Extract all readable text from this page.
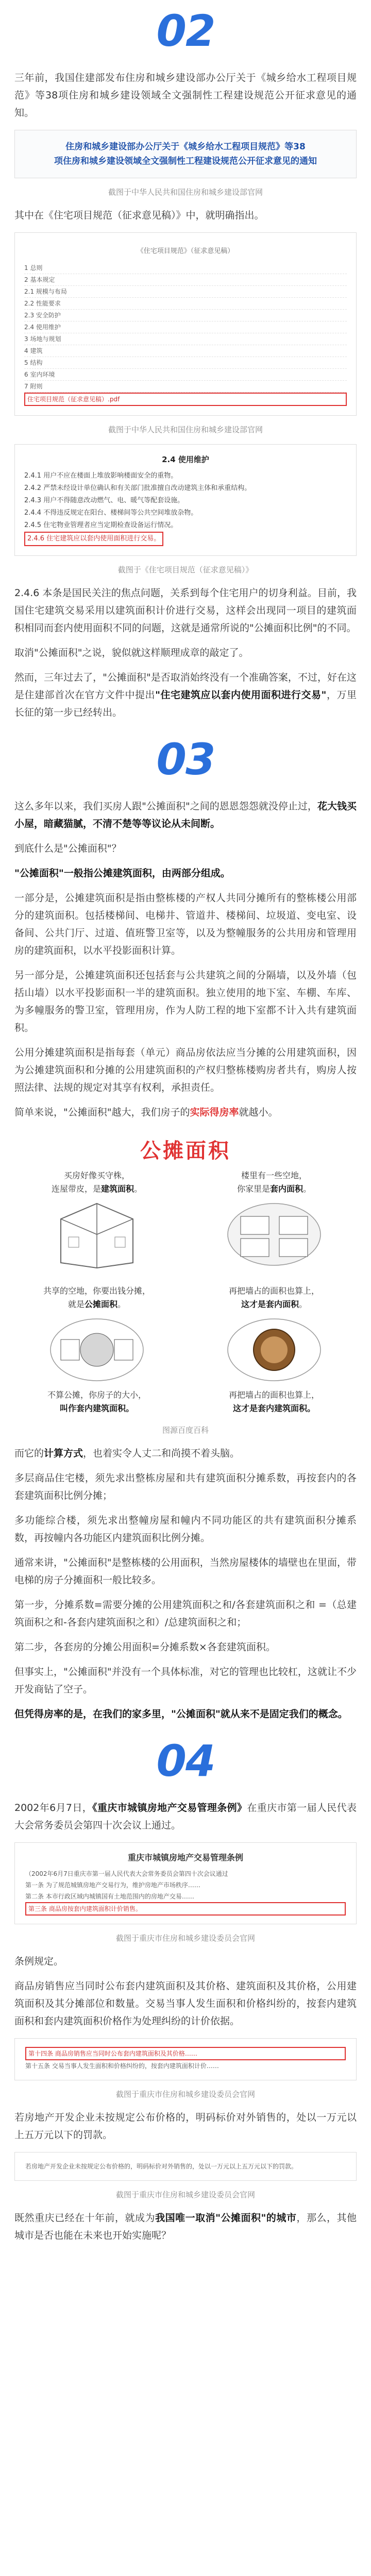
02

三年前，我国住建部发布住房和城乡建设部办公厅关于《城乡给水工程项目规范》等38项住房和城乡建设领域全文强制性工程建设规范公开征求意见的通知。

住房和城乡建设部办公厅关于《城乡给水工程项目规范》等38
项住房和城乡建设领域全文强制性工程建设规范公开征求意见的通知
截图于中华人民共和国住房和城乡建设部官网

其中在《住宅项目规范（征求意见稿）》中，就明确指出。

《住宅项目规范》（征求意见稿）
1 总则
2 基本规定
2.1 规模与布局
2.2 性能要求
2.3 安全防护
2.4 使用维护
3 场地与规划
4 建筑
5 结构
6 室内环境
7 附则
住宅项目规范（征求意见稿）.pdf
截图于中华人民共和国住房和城乡建设部官网
2.4 使用维护
2.4.1 用户不应在楼面上堆放影响楼面安全的重物。
2.4.2 严禁未经设计单位确认和有关部门批准擅自改动建筑主体和承重结构。
2.4.3 用户不得随意改动燃气、电、暖气等配套设施。
2.4.4 不得违反规定在阳台、楼梯间等公共空间堆放杂物。
2.4.5 住宅物业管理者应当定期检查设备运行情况。
2.4.6 住宅建筑应以套内使用面积进行交易。
截图于《住宅项目规范（征求意见稿）》

2.4.6 本条是国民关注的焦点问题，关系到每个住宅用户的切身利益。目前，我国住宅建筑交易采用以建筑面积计价进行交易，这样会出现同一项目的建筑面积相同而套内使用面积不同的问题，这就是通常所说的"公摊面积比例"的不同。

取消"公摊面积"之说，貌似就这样顺理成章的敲定了。

然而，三年过去了，"公摊面积"是否取消始终没有一个准确答案，不过，好在这是住建部首次在官方文件中提出"住宅建筑应以套内使用面积进行交易"，万里长征的第一步已经转出。

03

这么多年以来，我们买房人跟"公摊面积"之间的恩恩怨怨就没停止过，花大钱买小屋，暗藏猫腻，不清不楚等等议论从未间断。

到底什么是"公摊面积"？

"公摊面积"一般指公摊建筑面积，由两部分组成。

一部分是，公摊建筑面积是指由整栋楼的产权人共同分摊所有的整栋楼公用部分的建筑面积。包括楼梯间、电梯井、管道井、楼梯间、垃圾道、变电室、设备间、公共门厅、过道、值班警卫室等，以及为整幢服务的公共用房和管理用房的建筑面积，以水平投影面积计算。

另一部分是，公摊建筑面积还包括套与公共建筑之间的分隔墙，以及外墙（包括山墙）以水平投影面积一半的建筑面积。独立使用的地下室、车棚、车库、为多幢服务的警卫室，管理用房，作为人防工程的地下室都不计入共有建筑面积。

公用分摊建筑面积是指每套（单元）商品房依法应当分摊的公用建筑面积，因为公摊建筑面积和分摊的公用建筑面积的产权归整栋楼购房者共有，购房人按照法律、法规的规定对其享有权利，承担责任。

简单来说，"公摊面积"越大，我们房子的实际得房率就越小。

公摊面积
买房好像买守株，
连屋带皮，是建筑面积。
楼里有一些空地，
你家里是套内面积。
共享的空地，你要出钱分摊，
就是公摊面积。
不算公摊，你房子的大小，
叫作套内建筑面积。
再把墙占的面积也算上，
这才是套内面积。
再把墙占的面积也算上，
这才是套内建筑面积。
图源百度百科

而它的计算方式，也着实令人丈二和尚摸不着头脑。

多层商品住宅楼，须先求出整栋房屋和共有建筑面积分摊系数，再按套内的各套建筑面积比例分摊；

多功能综合楼，须先求出整幢房屋和幢内不同功能区的共有建筑面积分摊系数，再按幢内各功能区内建筑面积比例分摊。

通常来讲，"公摊面积"是整栋楼的公用面积，当然房屋楼体的墙壁也在里面，带电梯的房子分摊面积一般比较多。

第一步，分摊系数=需要分摊的公用建筑面积之和/各套建筑面积之和 =（总建筑面积之和-各套内建筑面积之和）/总建筑面积之和；

第二步，各套房的分摊公用面积=分摊系数×各套建筑面积。

但事实上，"公摊面积"并没有一个具体标准，对它的管理也比较杠，这就让不少开发商钻了空子。

但凭得房率的是，在我们的家多里，"公摊面积"就从来不是固定我们的概念。

04

2002年6月7日，《重庆市城镇房地产交易管理条例》在重庆市第一届人民代表大会常务委员会第四十次会议上通过。

重庆市城镇房地产交易管理条例
（2002年6月7日重庆市第一届人民代表大会常务委员会第四十次会议通过
第一条 为了规范城镇房地产交易行为，维护房地产市场秩序……
第二条 本市行政区域内城镇国有土地范围内的房地产交易……
第三条 商品房按套内建筑面积计价销售。
截图于重庆市住房和城乡建设委员会官网

条例规定。

商品房销售应当同时公布套内建筑面积及其价格、建筑面积及其价格，公用建筑面积及其分摊部位和数量。交易当事人发生面积和价格纠纷的，按套内建筑面积和套内建筑面积价格作为处理纠纷的计价依据。

第十四条 商品房销售应当同时公布套内建筑面积及其价格……
第十五条 交易当事人发生面积和价格纠纷的，按套内建筑面积计价……
截图于重庆市住房和城乡建设委员会官网

若房地产开发企业未按规定公布价格的，明码标价对外销售的，处以一万元以上五万元以下的罚款。

若房地产开发企业未按规定公布价格的，明码标价对外销售的，处以一万元以上五万元以下的罚款。
截图于重庆市住房和城乡建设委员会官网

既然重庆已经在十年前，就成为我国唯一取消"公摊面积"的城市，那么，其他城市是否也能在未来也开始实施呢？
